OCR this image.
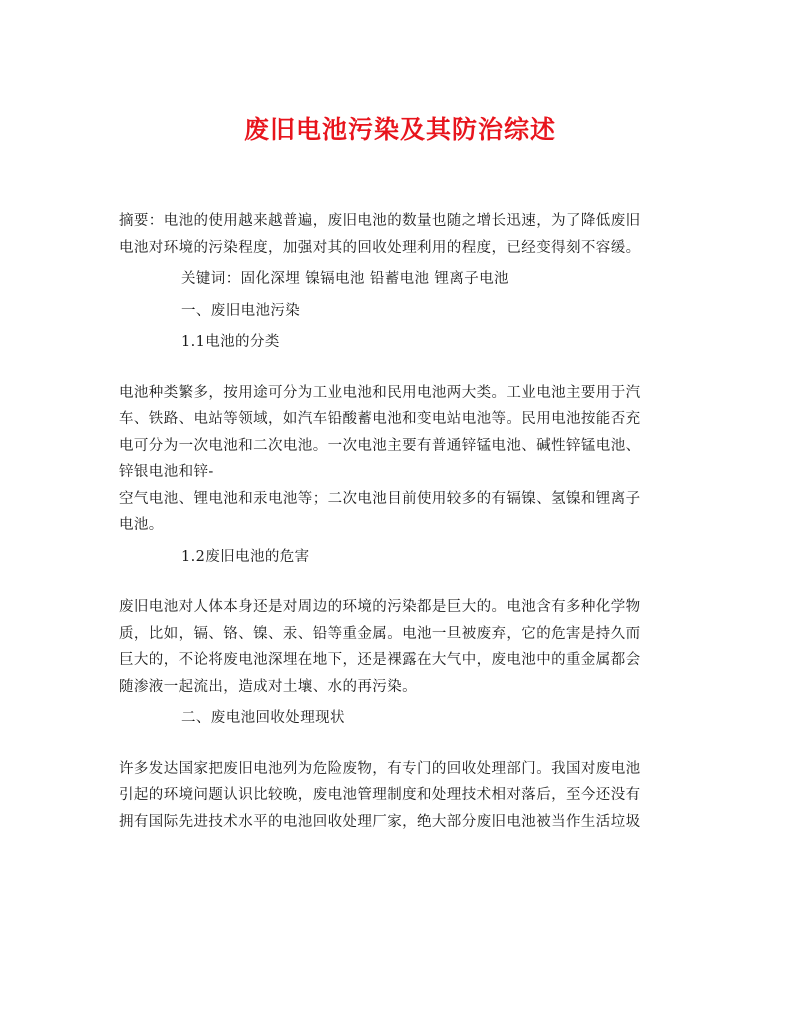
废旧电池污染及其防治综述
摘要：电池的使用越来越普遍，废旧电池的数量也随之增长迅速，为了降低废旧
电池对环境的污染程度，加强对其的回收处理利用的程度，已经变得刻不容缓。
关键词：固化深埋 镍镉电池 铅蓄电池 锂离子电池
一、废旧电池污染
1.1电池的分类
电池种类繁多，按用途可分为工业电池和民用电池两大类。工业电池主要用于汽
车、铁路、电站等领域，如汽车铅酸蓄电池和变电站电池等。民用电池按能否充
电可分为一次电池和二次电池。一次电池主要有普通锌锰电池、碱性锌锰电池、
锌银电池和锌-
空气电池、锂电池和汞电池等；二次电池目前使用较多的有镉镍、氢镍和锂离子
电池。
1.2废旧电池的危害
废旧电池对人体本身还是对周边的环境的污染都是巨大的。电池含有多种化学物
质，比如，镉、铬、镍、汞、铅等重金属。电池一旦被废弃，它的危害是持久而
巨大的，不论将废电池深埋在地下，还是裸露在大气中，废电池中的重金属都会
随渗液一起流出，造成对土壤、水的再污染。
二、废电池回收处理现状
许多发达国家把废旧电池列为危险废物，有专门的回收处理部门。我国对废电池
引起的环境问题认识比较晚，废电池管理制度和处理技术相对落后，至今还没有
拥有国际先进技术水平的电池回收处理厂家，绝大部分废旧电池被当作生活垃圾
